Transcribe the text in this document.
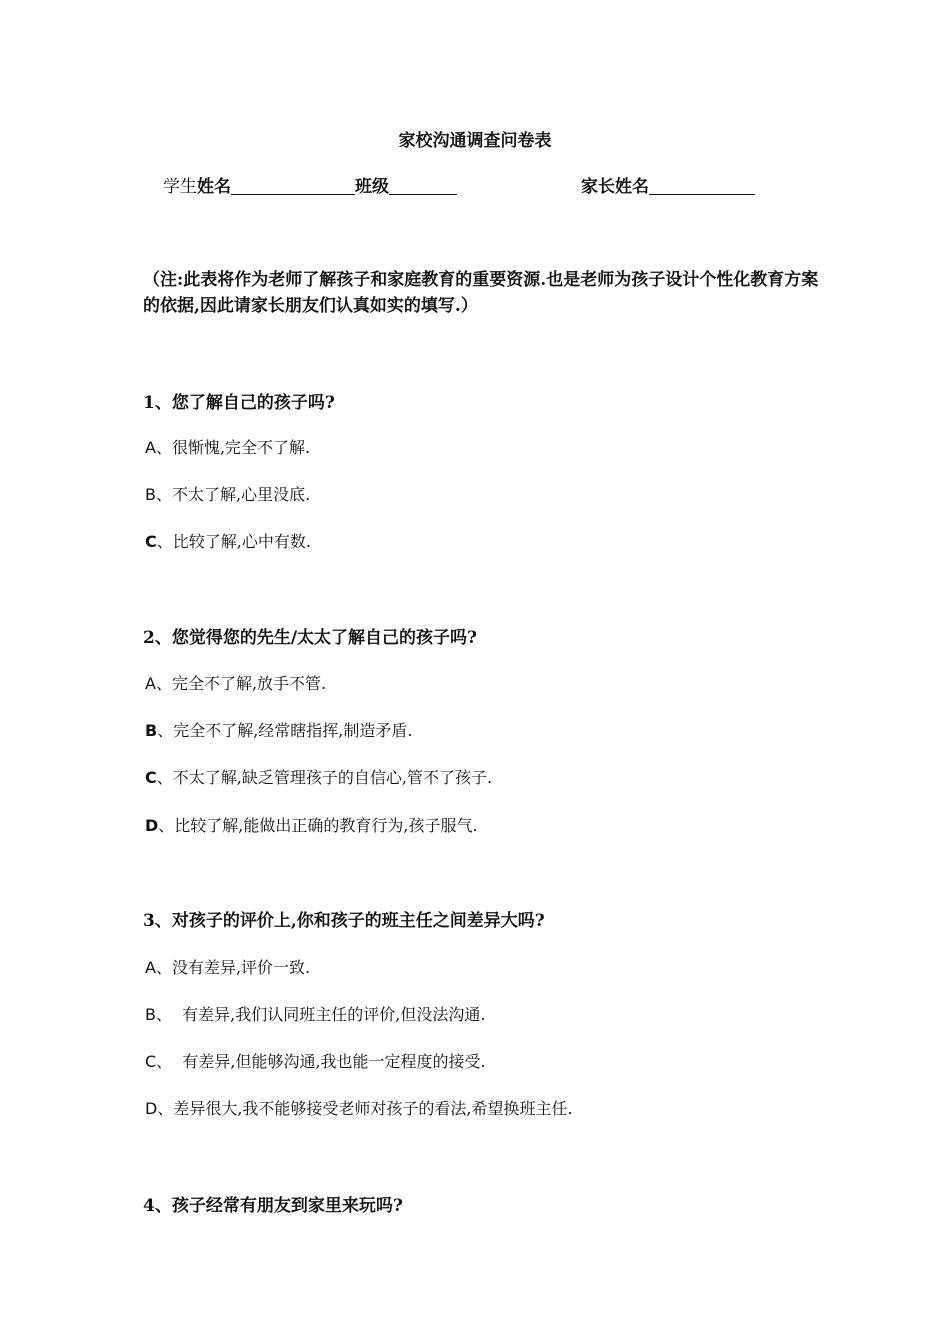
家校沟通调查问卷表
学生姓名	班级	家长姓名
（注:此表将作为老师了解孩子和家庭教育的重要资源.也是老师为孩子设计个性化教育方案的依据,因此请家长朋友们认真如实的填写.）
1、您了解自己的孩子吗?
A、很惭愧,完全不了解.
B、不太了解,心里没底.
C、比较了解,心中有数.
2、您觉得您的先生/太太了解自己的孩子吗?
A、完全不了解,放手不管.
B、完全不了解,经常瞎指挥,制造矛盾.
C、不太了解,缺乏管理孩子的自信心,管不了孩子.
D、比较了解,能做出正确的教育行为,孩子服气.
3、对孩子的评价上,你和孩子的班主任之间差异大吗?
A、没有差异,评价一致.
B、  有差异,我们认同班主任的评价,但没法沟通.
C、  有差异,但能够沟通,我也能一定程度的接受.
D、差异很大,我不能够接受老师对孩子的看法,希望换班主任.
4、孩子经常有朋友到家里来玩吗?
